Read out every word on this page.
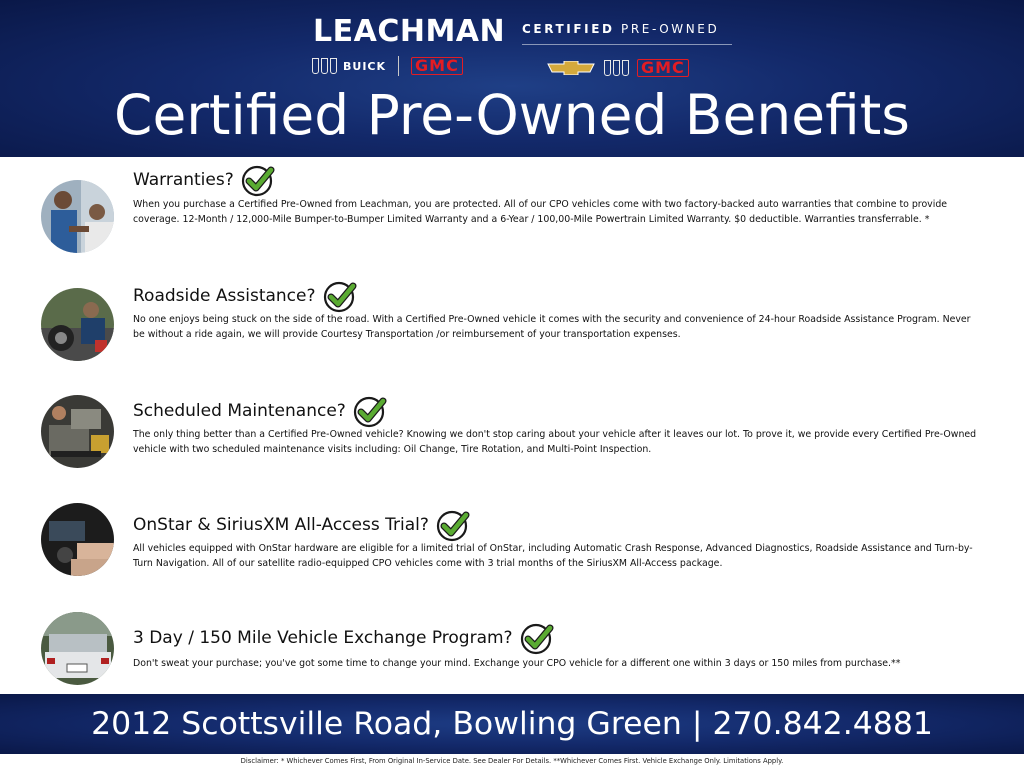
LEACHMAN
BUICK GMC
CERTIFIED PRE-OWNED
GMC
Certified Pre-Owned Benefits
Warranties?
When you purchase a Certified Pre-Owned from Leachman, you are protected. All of our CPO vehicles come with two factory-backed auto warranties that combine to provide coverage. 12-Month / 12,000-Mile Bumper-to-Bumper Limited Warranty and a 6-Year / 100,00-Mile Powertrain Limited Warranty. $0 deductible. Warranties transferrable. *
Roadside Assistance?
No one enjoys being stuck on the side of the road. With a Certified Pre-Owned vehicle it comes with the security and convenience of 24-hour Roadside Assistance Program. Never be without a ride again, we will provide Courtesy Transportation /or reimbursement of your transportation expenses.
Scheduled Maintenance?
The only thing better than a Certified Pre-Owned vehicle? Knowing we don't stop caring about your vehicle after it leaves our lot. To prove it, we provide every Certified Pre-Owned vehicle with two scheduled maintenance visits including: Oil Change, Tire Rotation, and Multi-Point Inspection.
OnStar & SiriusXM All-Access Trial?
All vehicles equipped with OnStar hardware are eligible for a limited trial of OnStar, including Automatic Crash Response, Advanced Diagnostics, Roadside Assistance and Turn-by-Turn Navigation. All of our satellite radio-equipped CPO vehicles come with 3 trial months of the SiriusXM All-Access package.
3 Day / 150 Mile Vehicle Exchange Program?
Don't sweat your purchase; you've got some time to change your mind. Exchange your CPO vehicle for a different one within 3 days or 150 miles from purchase.**
2012 Scottsville Road, Bowling Green | 270.842.4881
Disclaimer: * Whichever Comes First, From Original In-Service Date. See Dealer For Details. **Whichever Comes First. Vehicle Exchange Only. Limitations Apply.
